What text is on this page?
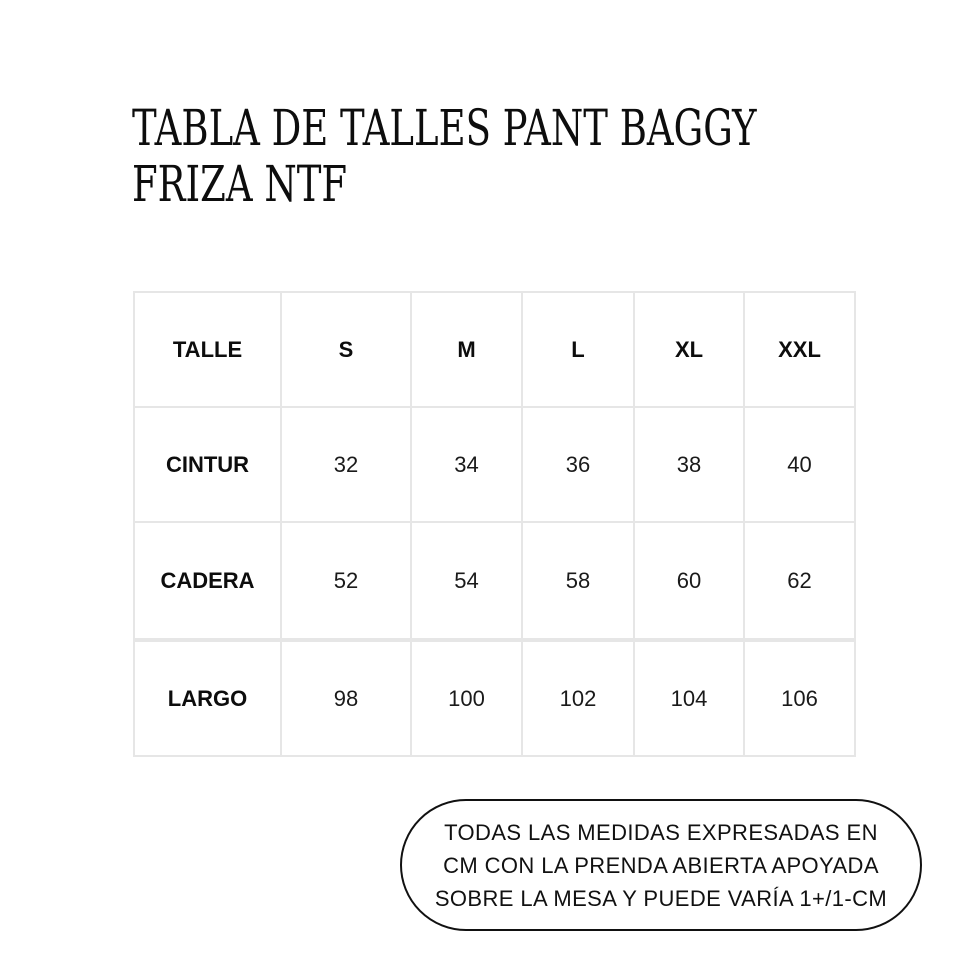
TABLA DE TALLES PANT BAGGY FRIZA NTF
TALLE	S	M	L	XL	XXL
CINTUR	32	34	36	38	40
CADERA	52	54	58	60	62
LARGO	98	100	102	104	106
TODAS LAS MEDIDAS EXPRESADAS EN
CM CON LA PRENDA ABIERTA APOYADA
SOBRE LA MESA Y PUEDE VARÍA 1+/1-CM
